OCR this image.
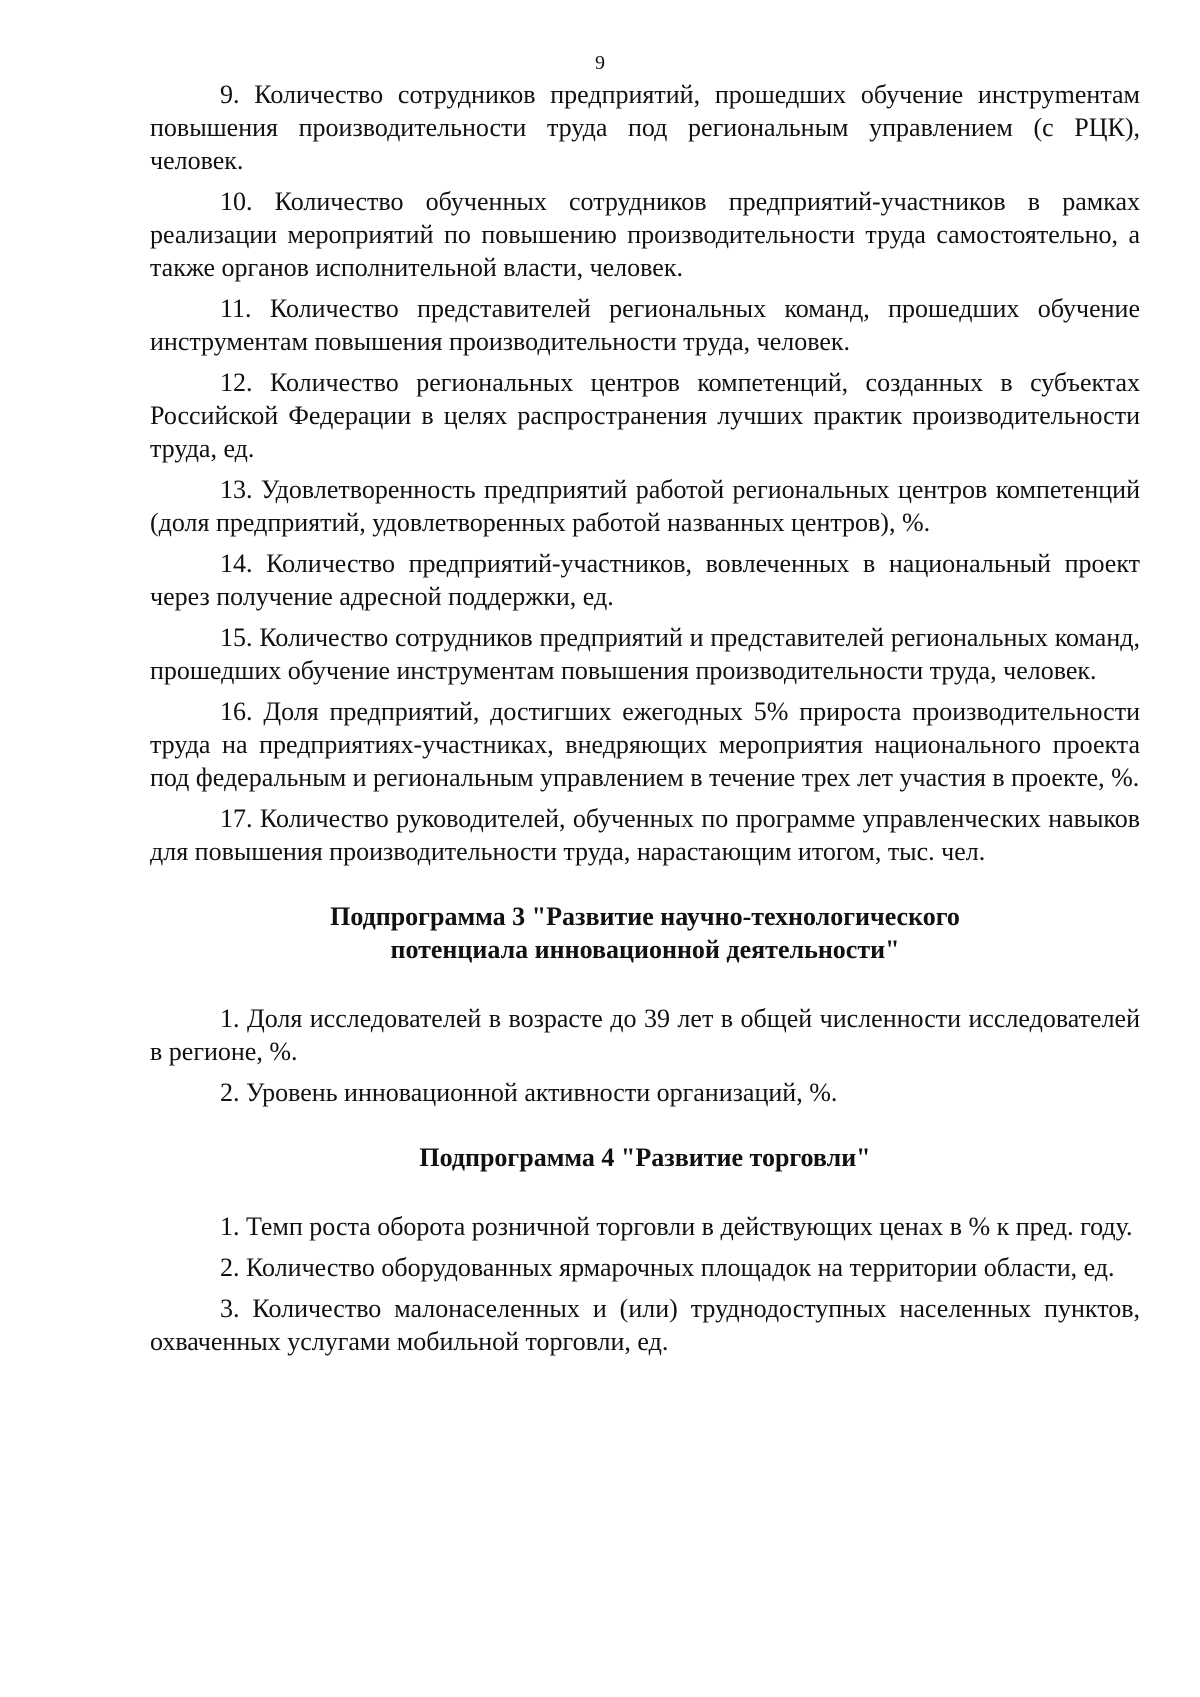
9

9. Количество сотрудников предприятий, прошедших обучение инструmентам повышения производительности труда под региональным управлением (с РЦК), человек.

10. Количество обученных сотрудников предприятий-участников в рамках реализации мероприятий по повышению производительности труда самостоятельно, а также органов исполнительной власти, человек.

11. Количество представителей региональных команд, прошедших обучение инструментам повышения производительности труда, человек.

12. Количество региональных центров компетенций, созданных в субъектах Российской Федерации в целях распространения лучших практик производительности труда, ед.

13. Удовлетворенность предприятий работой региональных центров компетенций (доля предприятий, удовлетворенных работой названных центров), %.

14. Количество предприятий-участников, вовлеченных в национальный проект через получение адресной поддержки, ед.

15. Количество сотрудников предприятий и представителей региональных команд, прошедших обучение инструментам повышения производительности труда, человек.

16. Доля предприятий, достигших ежегодных 5% прироста производительности труда на предприятиях-участниках, внедряющих мероприятия национального проекта под федеральным и региональным управлением в течение трех лет участия в проекте, %.

17. Количество руководителей, обученных по программе управленческих навыков для повышения производительности труда, нарастающим итогом, тыс. чел.

Подпрограмма 3 "Развитие научно-технологического
потенциала инновационной деятельности"

1. Доля исследователей в возрасте до 39 лет в общей численности исследователей в регионе, %.

2. Уровень инновационной активности организаций, %.

Подпрограмма 4 "Развитие торговли"

1. Темп роста оборота розничной торговли в действующих ценах в % к пред. году.

2. Количество оборудованных ярмарочных площадок на территории области, ед.

3. Количество малонаселенных и (или) труднодоступных населенных пунктов, охваченных услугами мобильной торговли, ед.
